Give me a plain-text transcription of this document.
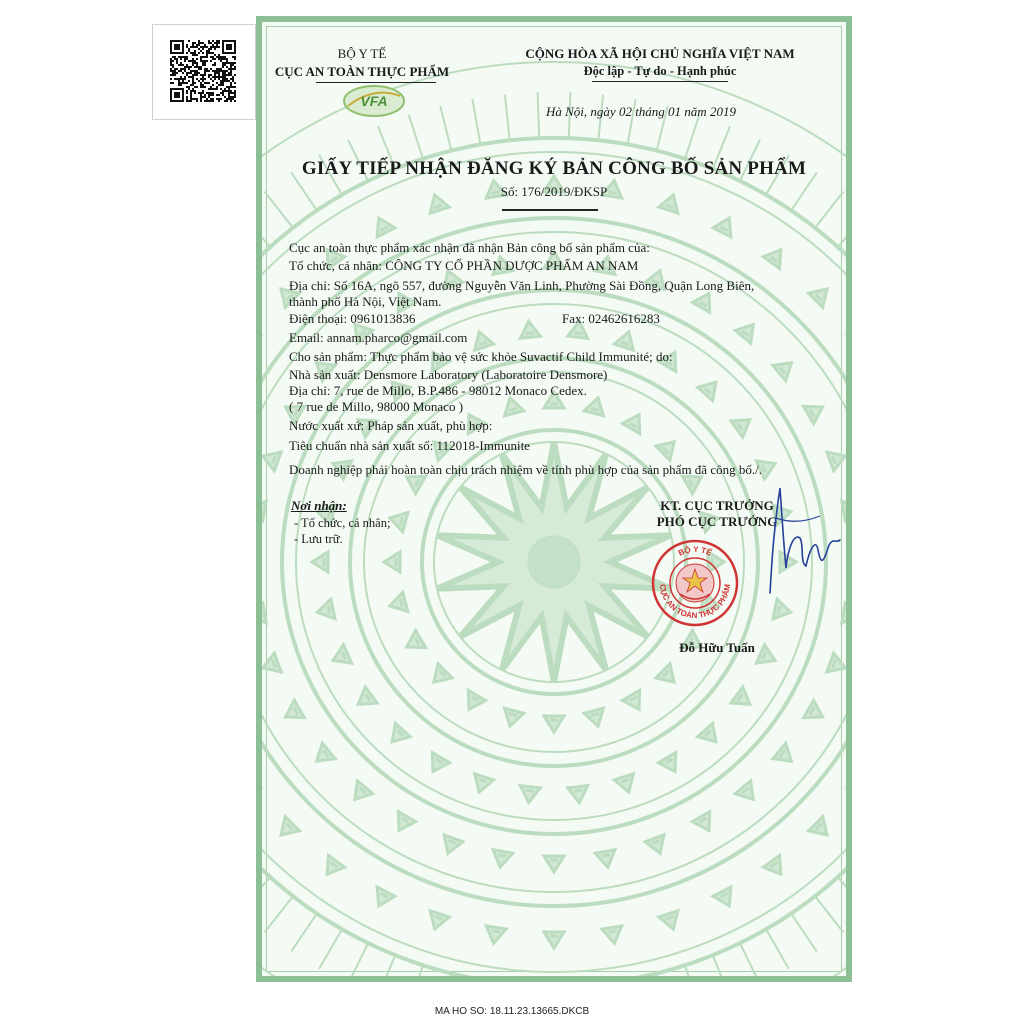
BỘ Y TẾ
CỤC AN TOÀN THỰC PHẨM
VFA
CỘNG HÒA XÃ HỘI CHỦ NGHĨA VIỆT NAM
Độc lập - Tự do - Hạnh phúc
Hà Nội, ngày 02 tháng 01 năm 2019
GIẤY TIẾP NHẬN ĐĂNG KÝ BẢN CÔNG BỐ SẢN PHẨM
Số: 176/2019/ĐKSP
Cục an toàn thực phẩm xác nhận đã nhận Bản công bố sản phẩm của:
Tổ chức, cá nhân: CÔNG TY CỔ PHẦN DƯỢC PHẨM AN NAM
Địa chỉ: Số 16A, ngõ 557, đường Nguyễn Văn Linh, Phường Sài Đồng, Quận Long Biên,
thành phố Hà Nội, Việt Nam.
Điện thoại: 0961013836	Fax: 02462616283
Email: annam.pharco@gmail.com
Cho sản phẩm: Thực phẩm bảo vệ sức khỏe Suvactif Child Immunité; do:
Nhà sản xuất: Densmore Laboratory (Laboratoire Densmore)
Địa chỉ: 7, rue de Millo, B.P.486 - 98012 Monaco Cedex.
( 7 rue de Millo, 98000 Monaco )
Nước xuất xứ: Pháp sản xuất, phù hợp:
Tiêu chuẩn nhà sản xuất số: 112018-Immunite
Doanh nghiệp phải hoàn toàn chịu trách nhiệm về tính phù hợp của sản phẩm đã công bố./.
Nơi nhận:
- Tổ chức, cá nhân;
- Lưu trữ.
KT. CỤC TRƯỞNG
PHÓ CỤC TRƯỞNG
BỘ Y TẾ
CỤC AN TOÀN THỰC PHẨM
Đỗ Hữu Tuấn
MA HO SO: 18.11.23.13665.DKCB
